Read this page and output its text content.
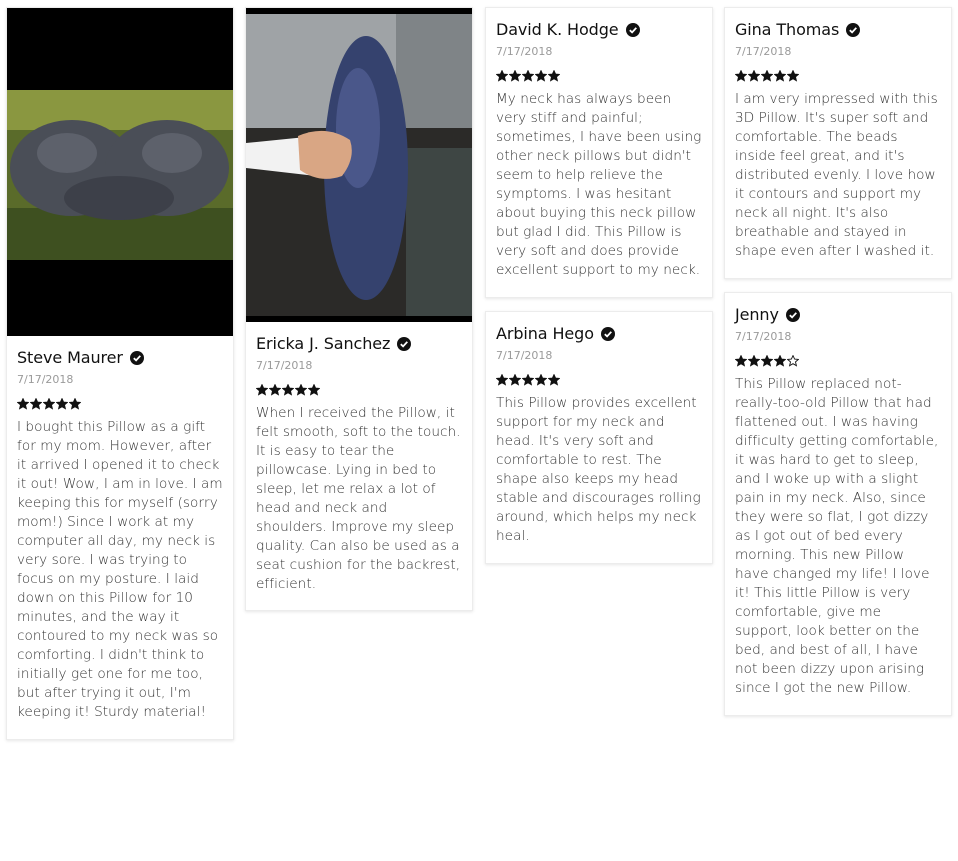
Steve Maurer
7/17/2018

I bought this Pillow as a gift for my mom. However, after it arrived I opened it to check it out! Wow, I am in love. I am keeping this for myself (sorry mom!) Since I work at my computer all day, my neck is very sore. I was trying to focus on my posture. I laid down on this Pillow for 10 minutes, and the way it contoured to my neck was so comforting. I didn't think to initially get one for me too, but after trying it out, I'm keeping it! Sturdy material!

Ericka J. Sanchez
7/17/2018

When I received the Pillow, it felt smooth, soft to the touch. It is easy to tear the pillowcase. Lying in bed to sleep, let me relax a lot of head and neck and shoulders. Improve my sleep quality. Can also be used as a seat cushion for the backrest, efficient.

David K. Hodge
7/17/2018

My neck has always been very stiff and painful; sometimes, I have been using other neck pillows but didn't seem to help relieve the symptoms. I was hesitant about buying this neck pillow but glad I did. This Pillow is very soft and does provide excellent support to my neck.

Arbina Hego
7/17/2018

This Pillow provides excellent support for my neck and head. It's very soft and comfortable to rest. The shape also keeps my head stable and discourages rolling around, which helps my neck heal.

Gina Thomas
7/17/2018

I am very impressed with this 3D Pillow. It's super soft and comfortable. The beads inside feel great, and it's distributed evenly. I love how it contours and support my neck all night. It's also breathable and stayed in shape even after I washed it.

Jenny
7/17/2018

This Pillow replaced not-really-too-old Pillow that had flattened out. I was having difficulty getting comfortable, it was hard to get to sleep, and I woke up with a slight pain in my neck. Also, since they were so flat, I got dizzy as I got out of bed every morning. This new Pillow have changed my life! I love it! This little Pillow is very comfortable, give me support, look better on the bed, and best of all, I have not been dizzy upon arising since I got the new Pillow.
